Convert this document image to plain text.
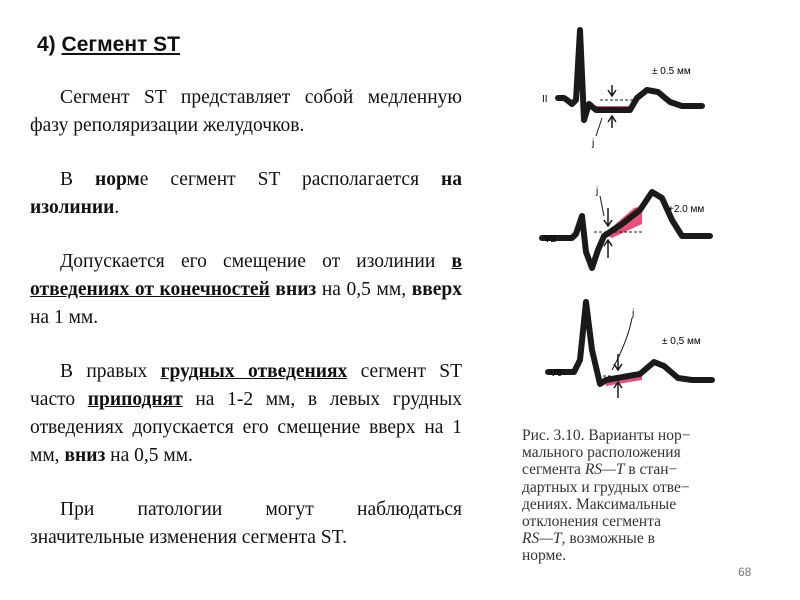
4) Сегмент ST

Сегмент ST представляет собой медленную фазу реполяризации желудочков.

В норме сегмент ST располагается на изолинии.

Допускается его смещение от изолинии в отведениях от конечностей вниз на 0,5 мм, вверх на 1 мм.

В правых грудных отведениях сегмент ST часто приподнят на 1-2 мм, в левых грудных отведениях допускается его смещение вверх на 1 мм, вниз на 0,5 мм.

При патологии могут наблюдаться значительные изменения сегмента ST.

II
j
± 0.5 мм
V2
j
+2.0 мм
V6
j
± 0,5 мм
Рис. 3.10. Варианты нор−
мального расположения
сегмента RS—T в стан−
дартных и грудных отве−
дениях. Максимальные
отклонения сегмента
RS—T, возможные в
норме.
68
